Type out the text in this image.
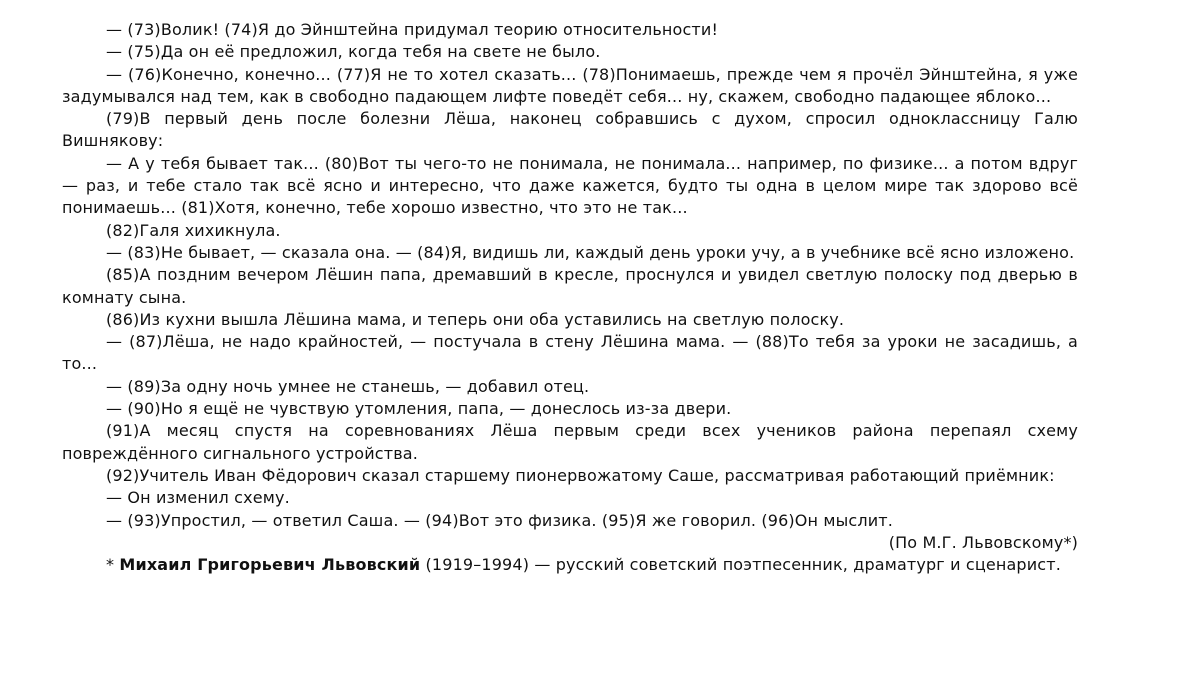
— (73)Волик! (74)Я до Эйнштейна придумал теорию относительности!

— (75)Да он её предложил, когда тебя на свете не было.

— (76)Конечно, конечно... (77)Я не то хотел сказать... (78)Понимаешь, прежде чем я прочёл Эйнштейна, я уже задумывался над тем, как в свободно падающем лифте поведёт себя... ну, скажем, свободно падающее яблоко...

(79)В первый день после болезни Лёша, наконец собравшись с духом, спросил одноклассницу Галю Вишнякову:

— А у тебя бывает так... (80)Вот ты чего-то не понимала, не понимала... например, по физике... а потом вдруг — раз, и тебе стало так всё ясно и интересно, что даже кажется, будто ты одна в целом мире так здорово всё понимаешь... (81)Хотя, конечно, тебе хорошо известно, что это не так...

(82)Галя хихикнула.

— (83)Не бывает, — сказала она. — (84)Я, видишь ли, каждый день уроки учу, а в учебнике всё ясно изложено.

(85)А поздним вечером Лёшин папа, дремавший в кресле, проснулся и увидел светлую полоску под дверью в комнату сына.

(86)Из кухни вышла Лёшина мама, и теперь они оба уставились на светлую полоску.

— (87)Лёша, не надо крайностей, — постучала в стену Лёшина мама. — (88)То тебя за уроки не засадишь, а то...

— (89)За одну ночь умнее не станешь, — добавил отец.

— (90)Но я ещё не чувствую утомления, папа, — донеслось из-за двери.

(91)А месяц спустя на соревнованиях Лёша первым среди всех учеников района перепаял схему повреждённого сигнального устройства.

(92)Учитель Иван Фёдорович сказал старшему пионервожатому Саше, рассматривая работающий приёмник:

— Он изменил схему.

— (93)Упростил, — ответил Саша. — (94)Вот это физика. (95)Я же говорил. (96)Он мыслит.

(По М.Г. Львовскому*)

* Михаил Григорьевич Львовский (1919–1994) — русский советский поэтпесенник, драматург и сценарист.
